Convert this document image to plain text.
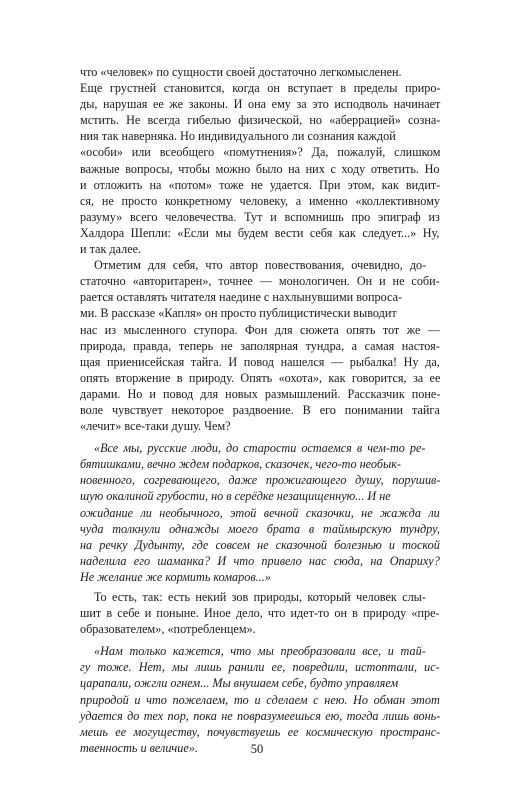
что «человек» по сущности своей достаточно легкомысленен.
Еще грустней становится, когда он вступает в пределы приро-
ды, нарушая ее же законы. И она ему за это исподволь начинает
мстить. Не всегда гибелью физической, но «аберрацией» созна-
ния так наверняка. Но индивидуального ли сознания каждой
«особи» или всеобщего «помутнения»? Да, пожалуй, слишком
важные вопросы, чтобы можно было на них с ходу ответить. Но
и отложить на «потом» тоже не удается. При этом, как видит-
ся, не просто конкретному человеку, а именно «коллективному
разуму» всего человечества. Тут и вспомнишь про эпиграф из
Халдора Шепли: «Если мы будем вести себя как следует...» Ну,
и так далее.
Отметим для себя, что автор повествования, очевидно, до-
статочно «авторитарен», точнее — монологичен. Он и не соби-
рается оставлять читателя наедине с нахлынувшими вопроса-
ми. В рассказе «Капля» он просто публицистически выводит
нас из мысленного ступора. Фон для сюжета опять тот же —
природа, правда, теперь не заполярная тундра, а самая настоя-
щая приенисейская тайга. И повод нашелся — рыбалка! Ну да,
опять вторжение в природу. Опять «охота», как говорится, за ее
дарами. Но и повод для новых размышлений. Рассказчик поне-
воле чувствует некоторое раздвоение. В его понимании тайга
«лечит» все-таки душу. Чем?
«Все мы, русские люди, до старости остаемся в чем-то ре-
бятишками, вечно ждем подарков, сказочек, чего-то необык-
новенного, согревающего, даже прожигающего душу, порушив-
шую окалиной грубости, но в серёдке незащищенную... И не
ожидание ли необычного, этой вечной сказочки, не жажда ли
чуда толкнули однажды моего брата в таймырскую тундру,
на речку Дудынту, где совсем не сказочной болезнью и тоской
наделила его шаманка? И что привело нас сюда, на Опариху?
Не желание же кормить комаров...»
То есть, так: есть некий зов природы, который человек слы-
шит в себе и поныне. Иное дело, что идет-то он в природу «пре-
образователем», «потребленцем».
«Нам только кажется, что мы преобразовали все, и тай-
гу тоже. Нет, мы лишь ранили ее, повредили, истоптали, ис-
царапали, ожгли огнем... Мы внушаем себе, будто управляем
природой и что пожелаем, то и сделаем с нею. Но обман этот
удается до тех пор, пока не повразумеешься ею, тогда лишь вонь-
мешь ее могуществу, почувствуешь ее космическую пространс-
твенность и величие».	50
